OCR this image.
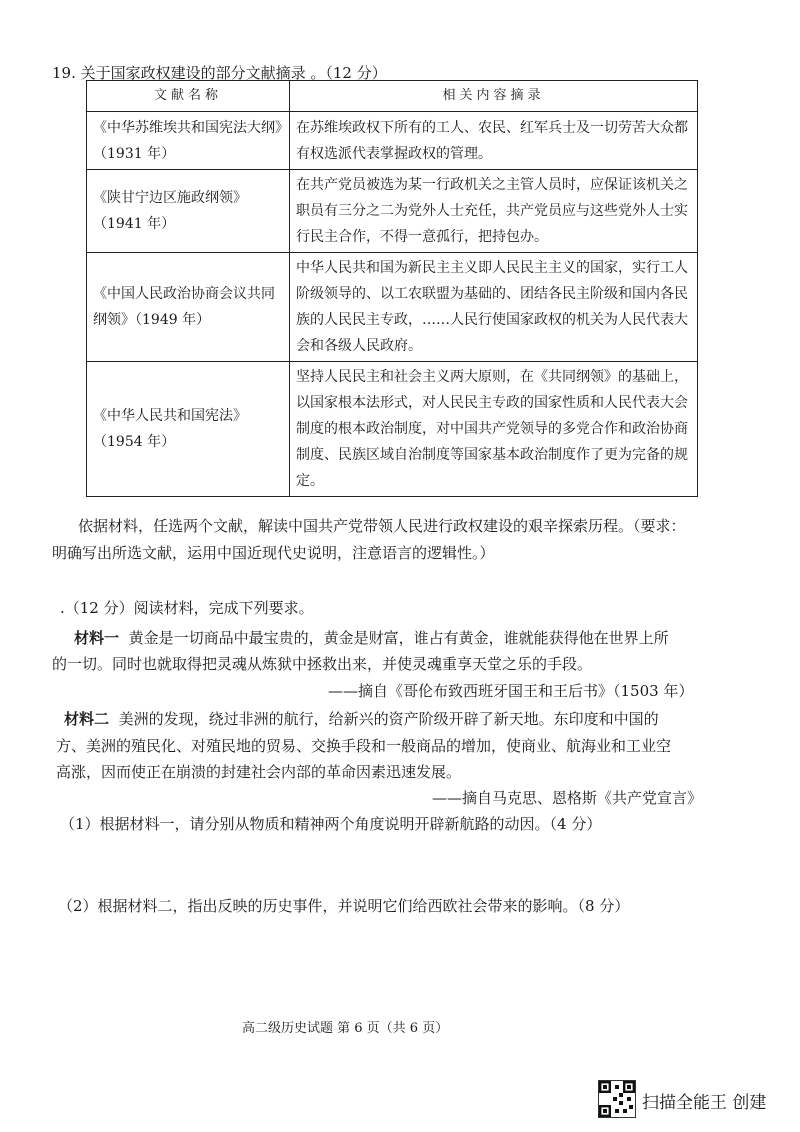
19. 关于国家政权建设的部分文献摘录 。（12 分）
文献名称	相关内容摘录
《中华苏维埃共和国宪法大纲》（1931 年）	在苏维埃政权下所有的工人、农民、红军兵士及一切劳苦大众都有权选派代表掌握政权的管理。
《陕甘宁边区施政纲领》（1941 年）	在共产党员被选为某一行政机关之主管人员时，应保证该机关之职员有三分之二为党外人士充任，共产党员应与这些党外人士实行民主合作，不得一意孤行，把持包办。
《中国人民政治协商会议共同纲领》（1949 年）	中华人民共和国为新民主主义即人民民主主义的国家，实行工人阶级领导的、以工农联盟为基础的、团结各民主阶级和国内各民族的人民民主专政，……人民行使国家政权的机关为人民代表大会和各级人民政府。
《中华人民共和国宪法》（1954 年）	坚持人民民主和社会主义两大原则，在《共同纲领》的基础上，以国家根本法形式，对人民民主专政的国家性质和人民代表大会制度的根本政治制度，对中国共产党领导的多党合作和政治协商制度、民族区域自治制度等国家基本政治制度作了更为完备的规定。
依据材料，任选两个文献，解读中国共产党带领人民进行政权建设的艰辛探索历程。（要求：
明确写出所选文献，运用中国近现代史说明，注意语言的逻辑性。）
.（12 分）阅读材料，完成下列要求。
材料一 黄金是一切商品中最宝贵的，黄金是财富，谁占有黄金，谁就能获得他在世界上所
的一切。同时也就取得把灵魂从炼狱中拯救出来，并使灵魂重享天堂之乐的手段。
——摘自《哥伦布致西班牙国王和王后书》（1503 年）
材料二 美洲的发现，绕过非洲的航行，给新兴的资产阶级开辟了新天地。东印度和中国的
方、美洲的殖民化、对殖民地的贸易、交换手段和一般商品的增加，使商业、航海业和工业空
高涨，因而使正在崩溃的封建社会内部的革命因素迅速发展。
——摘自马克思、恩格斯《共产党宣言》
（1）根据材料一，请分别从物质和精神两个角度说明开辟新航路的动因。（4 分）
（2）根据材料二，指出反映的历史事件，并说明它们给西欧社会带来的影响。（8 分）
高二级历史试题 第 6 页（共 6 页）
扫描全能王 创建
